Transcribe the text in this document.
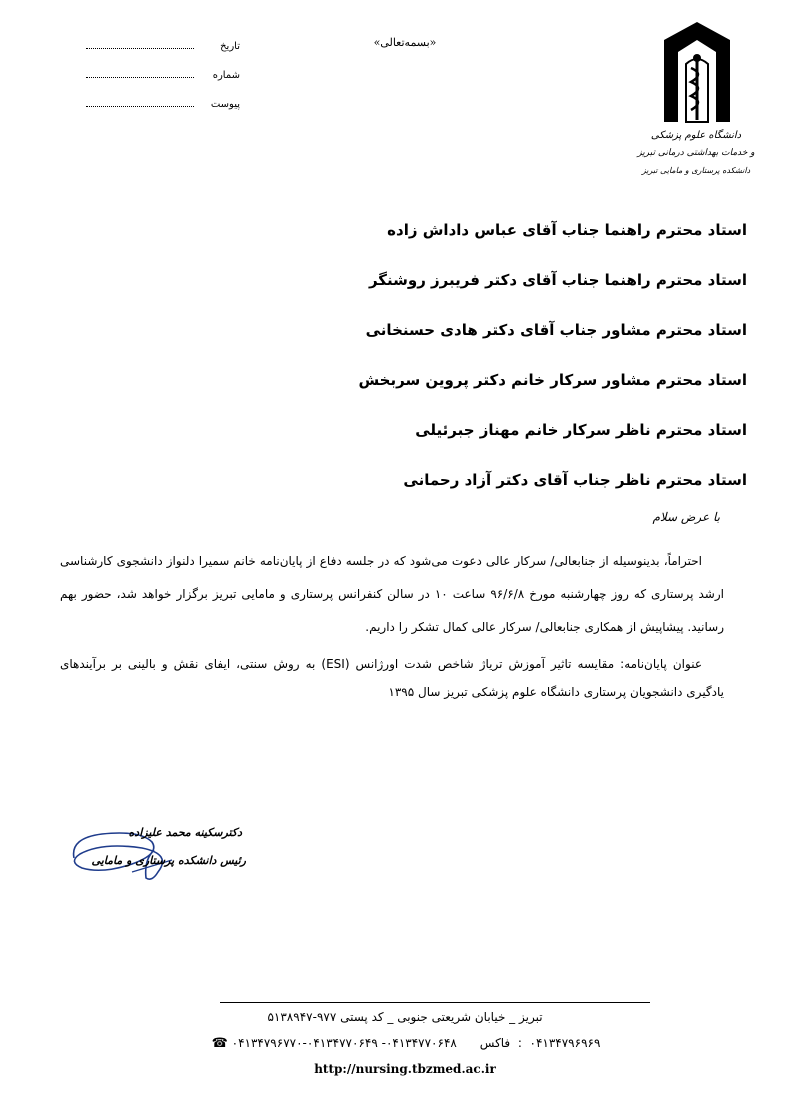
تاریخ
شماره
پیوست
«بسمه‌تعالی»
دانشگاه علوم پزشکی
و خدمات بهداشتی درمانی تبریز
دانشکده پرستاری و مامایی تبریز
استاد محترم راهنما جناب آقای عباس داداش زاده
استاد محترم راهنما جناب آقای دکتر فریبرز روشنگر
استاد محترم مشاور جناب آقای دکتر هادی حسنخانی
استاد محترم مشاور سرکار خانم دکتر پروین سربخش
استاد محترم ناظر سرکار خانم مهناز جبرئیلی
استاد محترم ناظر جناب آقای دکتر آزاد رحمانی
با عرض سلام

احتراماً، بدینوسیله از جنابعالی/ سرکار عالی دعوت می‌شود که در جلسه دفاع از پایان‌نامه خانم سمیرا دلنواز دانشجوی کارشناسی ارشد پرستاری که روز چهارشنبه مورخ ۹۶/۶/۸ ساعت ۱۰ در سالن کنفرانس پرستاری و مامایی تبریز برگزار خواهد شد، حضور بهم رسانید. پیشاپیش از همکاری جنابعالی/ سرکار عالی کمال تشکر را داریم.

عنوان پایان‌نامه: مقایسه تاثیر آموزش تریاژ شاخص شدت اورژانس (ESI) به روش سنتی، ایفای نقش و بالینی بر برآیندهای یادگیری دانشجویان پرستاری دانشگاه علوم پزشکی تبریز سال ۱۳۹۵

دکترسکینه محمد علیزاده
رئیس دانشکده پرستاری و مامایی
تبریز _ خیابان شریعتی جنوبی _ کد پستی ۹۷۷-۵۱۳۸۹۴۷
۰۴۱۳۴۷۹۶۹۶۹  :  فاکس      ۰۴۱۳۴۷۷۰۶۴۸- ۰۴۱۳۴۷۷۰۶۴۹-۰۴۱۳۴۷۹۶۷۷۰ ☎
http://nursing.tbzmed.ac.ir
